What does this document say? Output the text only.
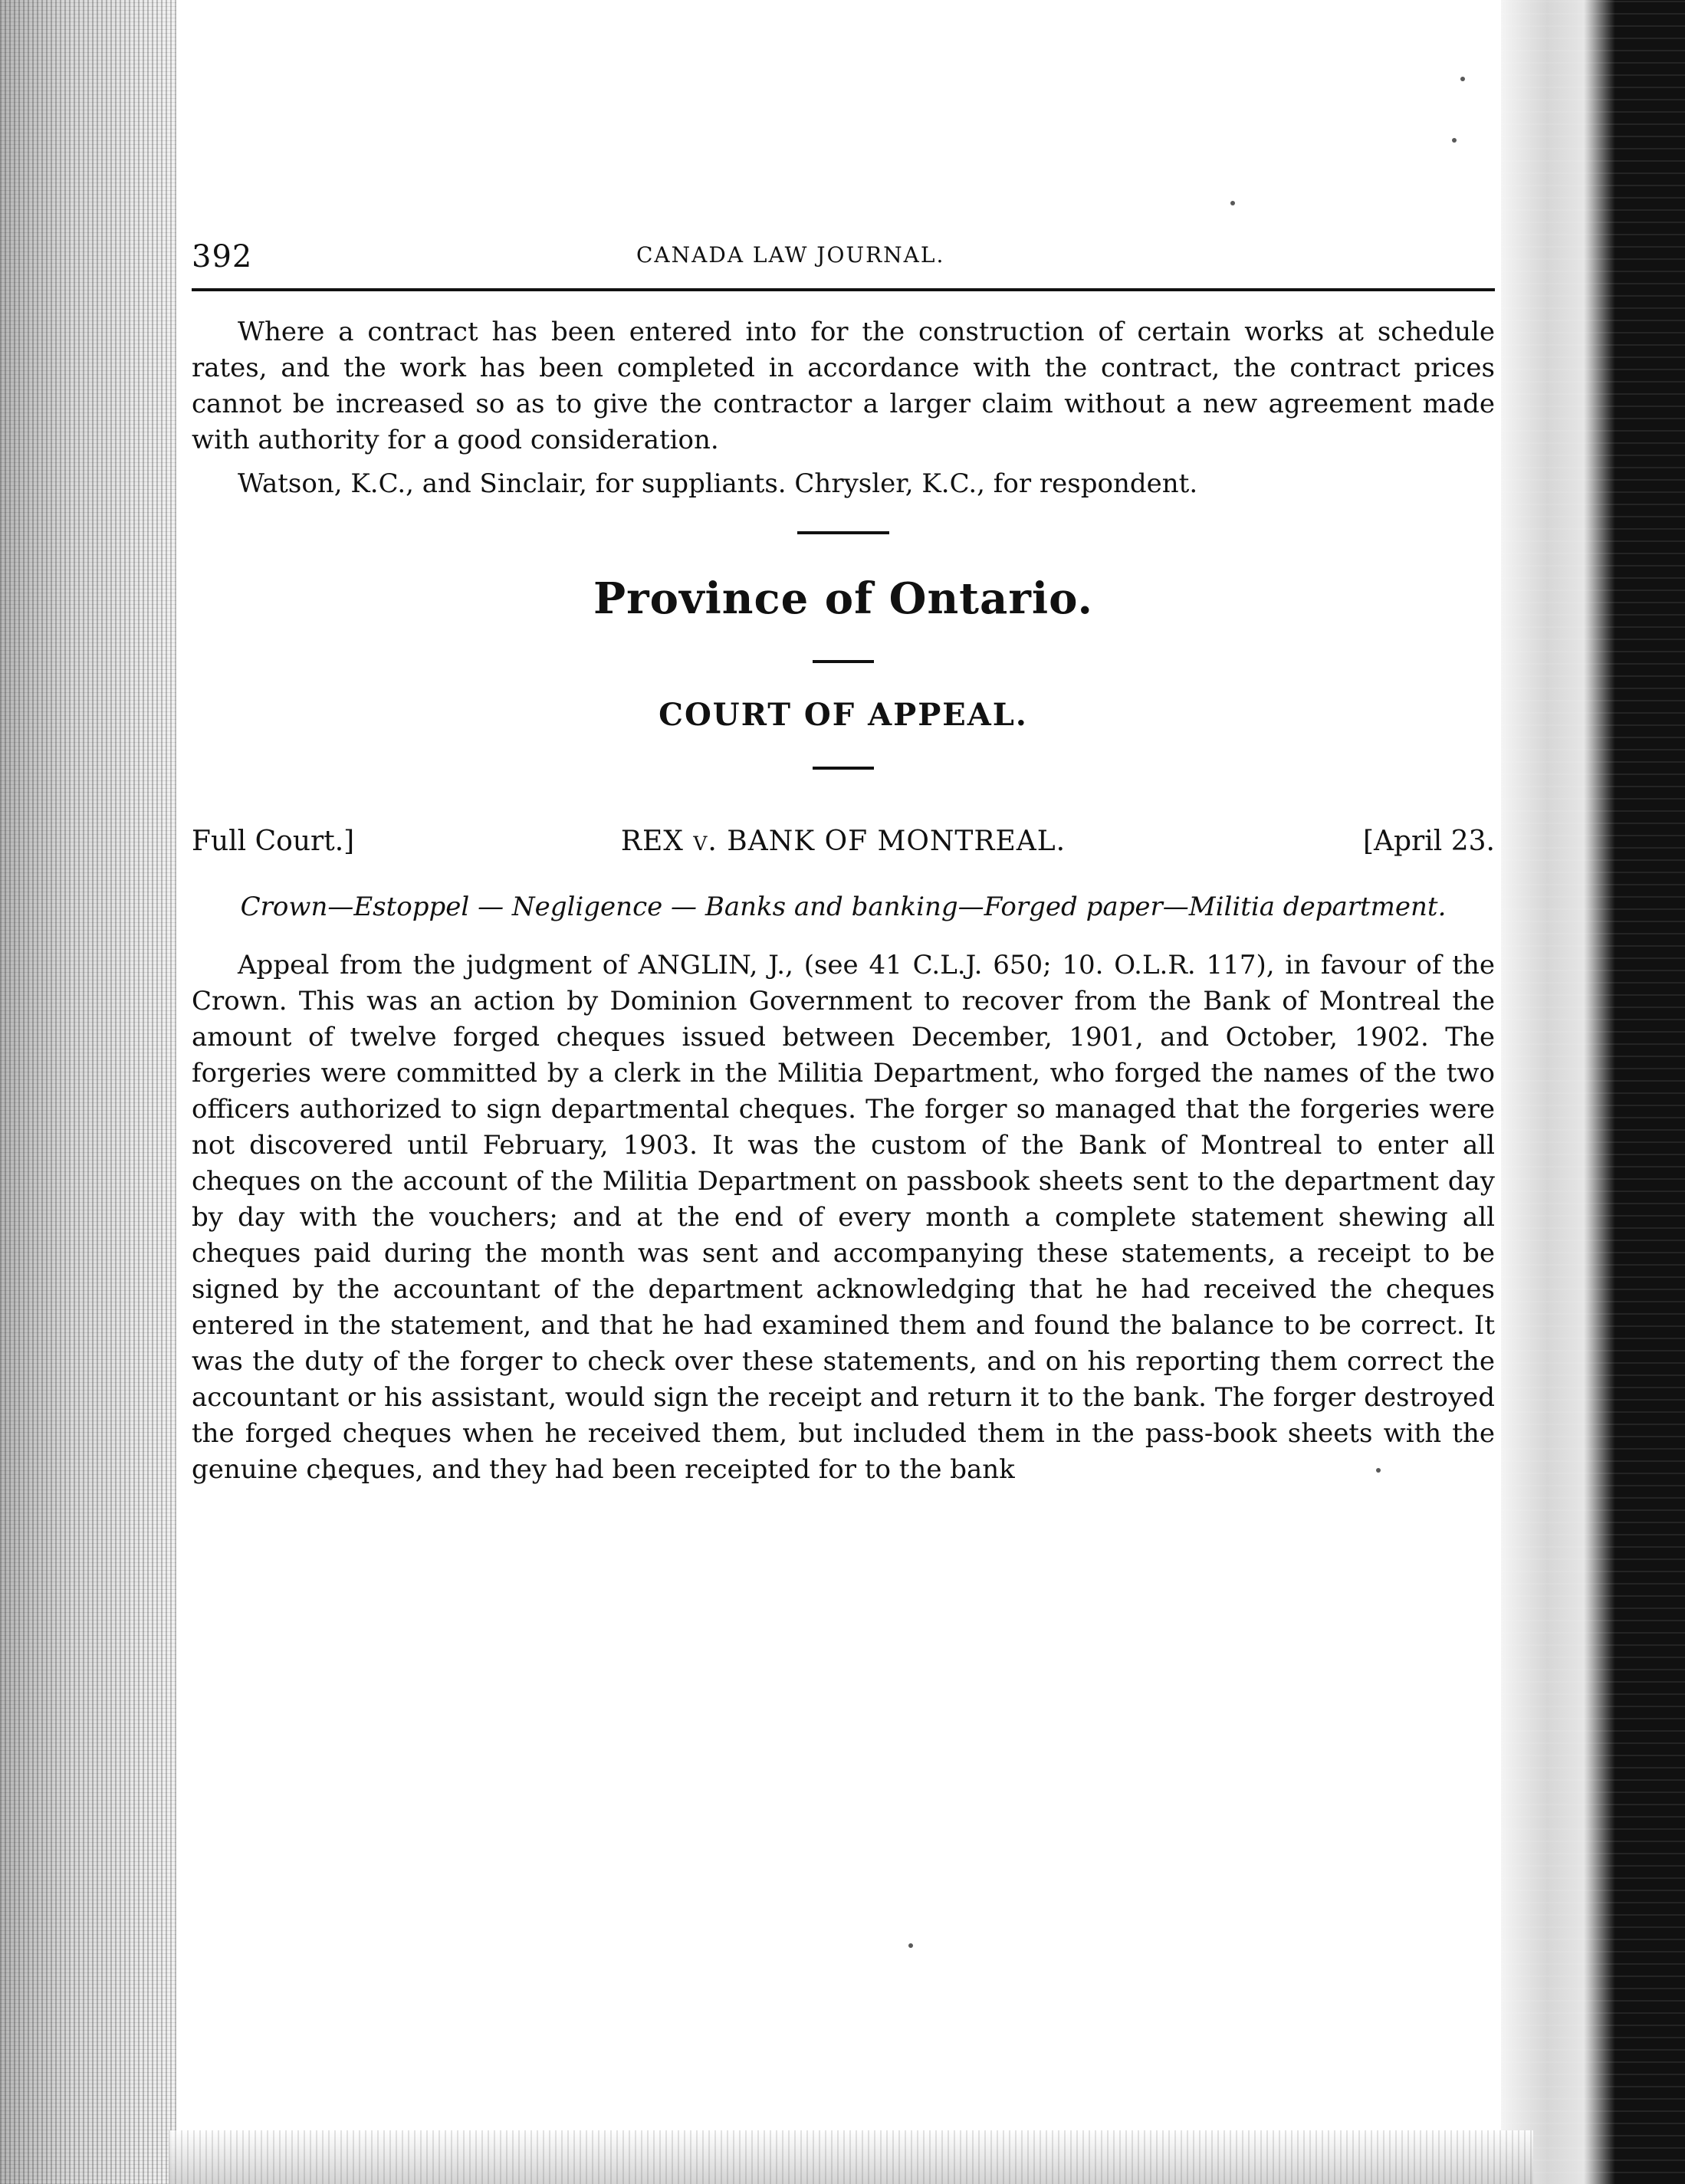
392	CANADA LAW JOURNAL.

Where a contract has been entered into for the construction of certain works at schedule rates, and the work has been completed in accordance with the contract, the contract prices cannot be increased so as to give the contractor a larger claim without a new agreement made with authority for a good consideration.

Watson, K.C., and Sinclair, for suppliants. Chrysler, K.C., for respondent.

Province of Ontario.
COURT OF APPEAL.
Full Court.]	REX v. BANK OF MONTREAL.	[April 23.

Crown—Estoppel — Negligence — Banks and banking—Forged paper—Militia department.

Appeal from the judgment of ANGLIN, J., (see 41 C.L.J. 650; 10. O.L.R. 117), in favour of the Crown. This was an action by Dominion Government to recover from the Bank of Montreal the amount of twelve forged cheques issued between December, 1901, and October, 1902. The forgeries were committed by a clerk in the Militia Department, who forged the names of the two officers authorized to sign departmental cheques. The forger so managed that the forgeries were not discovered until February, 1903. It was the custom of the Bank of Montreal to enter all cheques on the account of the Militia Department on passbook sheets sent to the department day by day with the vouchers; and at the end of every month a complete statement shewing all cheques paid during the month was sent and accompanying these statements, a receipt to be signed by the accountant of the department acknowledging that he had received the cheques entered in the statement, and that he had examined them and found the balance to be correct. It was the duty of the forger to check over these statements, and on his reporting them correct the accountant or his assistant, would sign the receipt and return it to the bank. The forger destroyed the forged cheques when he received them, but included them in the pass-book sheets with the genuine cheques, and they had been receipted for to the bank
